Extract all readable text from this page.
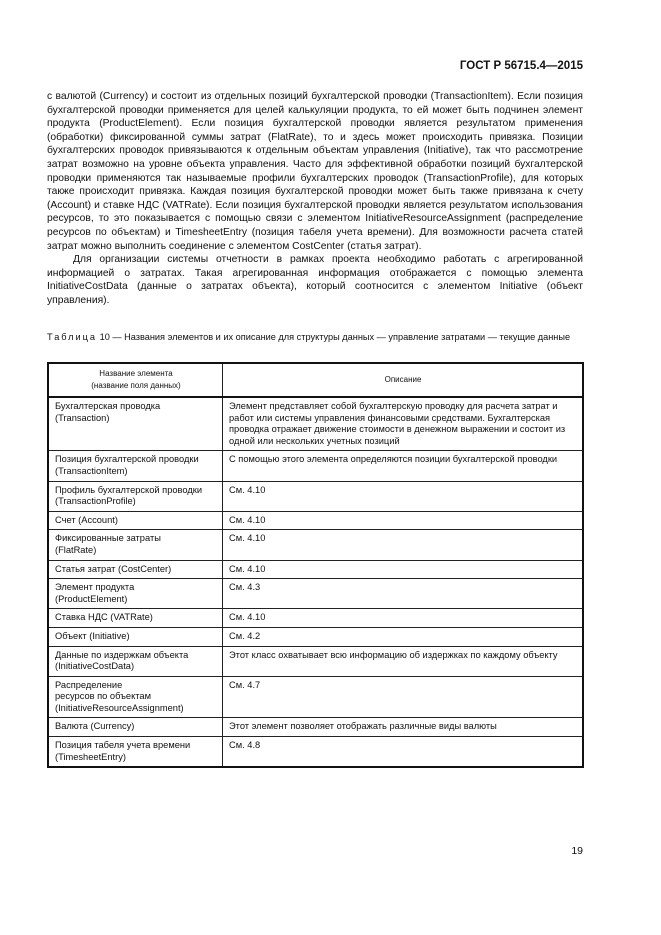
ГОСТ Р 56715.4—2015

с валютой (Currency) и состоит из отдельных позиций бухгалтерской проводки (TransactionItem). Если позиция бухгалтерской проводки применяется для целей калькуляции продукта, то ей может быть подчинен элемент продукта (ProductElement). Если позиция бухгалтерской проводки является результатом применения (обработки) фиксированной суммы затрат (FlatRate), то и здесь может происходить привязка. Позиции бухгалтерских проводок привязываются к отдельным объектам управления (Initiative), так что рассмотрение затрат возможно на уровне объекта управления. Часто для эффективной обработки позиций бухгалтерской проводки применяются так называемые профили бухгалтерских проводок (TransactionProfile), для которых также происходит привязка. Каждая позиция бухгалтерской проводки может быть также привязана к счету (Account) и ставке НДС (VATRate). Если позиция бухгалтерской проводки является результатом использования ресурсов, то это показывается с помощью связи с элементом InitiativeResourceAssignment (распределение ресурсов по объектам) и TimesheetEntry (позиция табеля учета времени). Для возможности расчета статей затрат можно выполнить соединение с элементом CostCenter (статья затрат).

Для организации системы отчетности в рамках проекта необходимо работать с агрегированной информацией о затратах. Такая агрегированная информация отображается с помощью элемента InitiativeCostData (данные о затратах объекта), который соотносится с элементом Initiative (объект управления).

Таблица 10 — Названия элементов и их описание для структуры данных — управление затратами — текущие данные
Название элемента
(название поля данных)	Описание
Бухгалтерская проводка
(Transaction)	Элемент представляет собой бухгалтерскую проводку для расчета затрат и работ или системы управления финансовыми средствами. Бухгалтерская проводка отражает движение стоимости в денежном выражении и состоит из одной или нескольких учетных позиций
Позиция бухгалтерской проводки
(TransactionItem)	С помощью этого элемента определяются позиции бухгалтерской проводки
Профиль бухгалтерской проводки
(TransactionProfile)	См. 4.10
Счет (Account)	См. 4.10
Фиксированные затраты
(FlatRate)	См. 4.10
Статья затрат (CostCenter)	См. 4.10
Элемент продукта
(ProductElement)	См. 4.3
Ставка НДС (VATRate)	См. 4.10
Объект (Initiative)	См. 4.2
Данные по издержкам объекта
(InitiativeCostData)	Этот класс охватывает всю информацию об издержках по каждому объекту
Распределение
ресурсов по объектам
(InitiativeResourceAssignment)	См. 4.7
Валюта (Currency)	Этот элемент позволяет отображать различные виды валюты
Позиция табеля учета времени
(TimesheetEntry)	См. 4.8
19
